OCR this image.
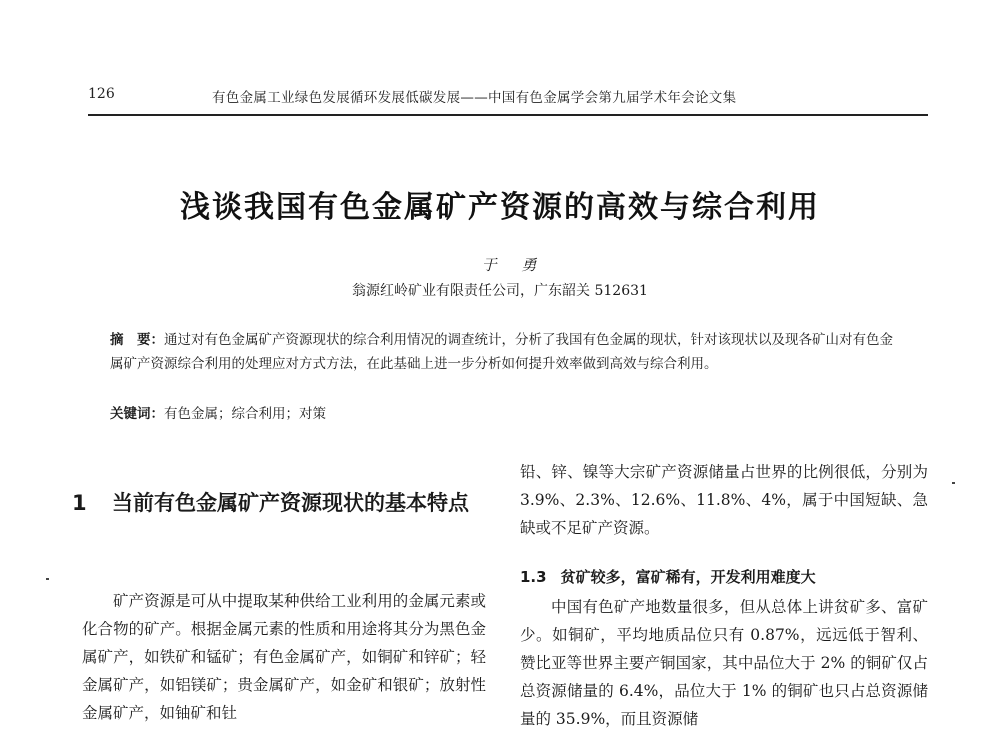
126	有色金属工业绿色发展循环发展低碳发展——中国有色金属学会第九届学术年会论文集
浅谈我国有色金属矿产资源的高效与综合利用
于 勇
翁源红岭矿业有限责任公司，广东韶关 512631
摘　要：通过对有色金属矿产资源现状的综合利用情况的调查统计，分析了我国有色金属的现状，针对该现状以及现各矿山对有色金属矿产资源综合利用的处理应对方式方法，在此基础上进一步分析如何提升效率做到高效与综合利用。
关键词：有色金属；综合利用；对策
1 当前有色金属矿产资源现状的基本特点

矿产资源是可从中提取某种供给工业利用的金属元素或化合物的矿产。根据金属元素的性质和用途将其分为黑色金属矿产，如铁矿和锰矿；有色金属矿产，如铜矿和锌矿；轻金属矿产，如铝镁矿；贵金属矿产，如金矿和银矿；放射性金属矿产，如铀矿和钍

铅、锌、镍等大宗矿产资源储量占世界的比例很低，分别为 3.9%、2.3%、12.6%、11.8%、4%，属于中国短缺、急缺或不足矿产资源。

1.3 贫矿较多，富矿稀有，开发利用难度大

中国有色矿产地数量很多，但从总体上讲贫矿多、富矿少。如铜矿，平均地质品位只有 0.87%，远远低于智利、赞比亚等世界主要产铜国家，其中品位大于 2% 的铜矿仅占总资源储量的 6.4%，品位大于 1% 的铜矿也只占总资源储量的 35.9%，而且资源储
